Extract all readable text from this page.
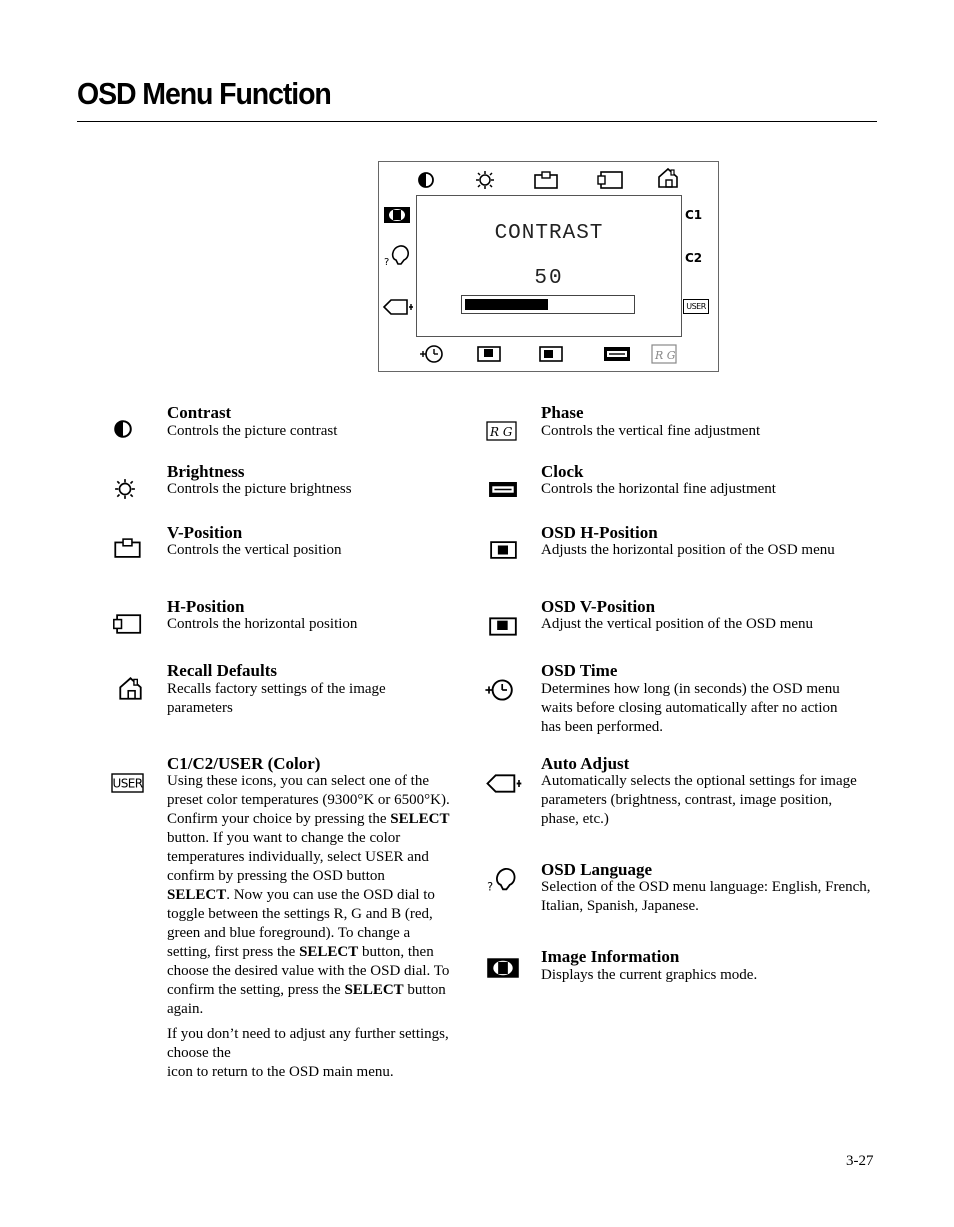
OSD Menu Function
?
C1
C2
USER
CONTRAST
50
R G
Contrast
Controls the picture contrast
Brightness
Controls the picture brightness
V-Position
Controls the vertical position
H-Position
Controls the horizontal position
Recall Defaults
Recalls factory settings of the image parameters
USER
C1/C2/USER (Color)

Using these icons, you can select one of the preset color temperatures (9300°K or 6500°K). Confirm your choice by pressing the SELECT button. If you want to change the color temperatures individually, select USER and confirm by pressing the OSD button SELECT. Now you can use the OSD dial to toggle between the settings R, G and B (red, green and blue foreground). To change a setting, first press the SELECT button, then choose the desired value with the OSD dial. To confirm the setting, press the SELECT button again.

If you don’t need to adjust any further settings, choose the
icon to return to the OSD main menu.

R G
Phase
Controls the vertical fine adjustment
Clock
Controls the horizontal fine adjustment
OSD H-Position
Adjusts the horizontal position of the OSD menu
OSD V-Position
Adjust the vertical position of the OSD menu
OSD Time
Determines how long (in seconds) the OSD menu waits before closing automatically after no action has been performed.
Auto Adjust
Automatically selects the optional settings for image parameters (brightness, contrast, image position, phase, etc.)
?
OSD Language
Selection of the OSD menu language: English, French, Italian, Spanish, Japanese.
Image Information
Displays the current graphics mode.
3-27
